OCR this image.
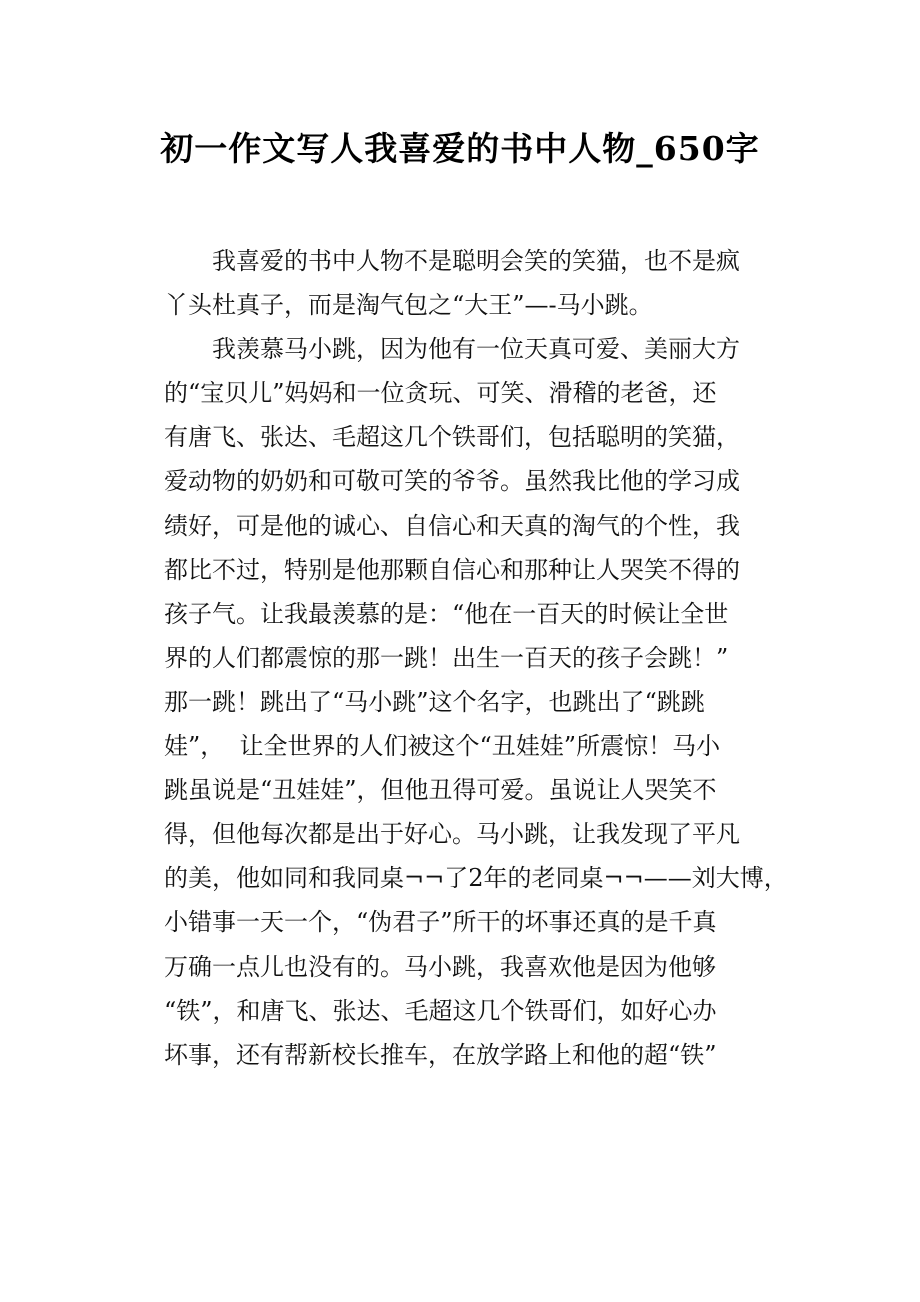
初一作文写人我喜爱的书中人物_650字
我喜爱的书中人物不是聪明会笑的笑猫，也不是疯
丫头杜真子，而是淘气包之“大王”—-马小跳。
我羡慕马小跳，因为他有一位天真可爱、美丽大方
的“宝贝儿”妈妈和一位贪玩、可笑、滑稽的老爸，还
有唐飞、张达、毛超这几个铁哥们，包括聪明的笑猫，
爱动物的奶奶和可敬可笑的爷爷。虽然我比他的学习成
绩好，可是他的诚心、自信心和天真的淘气的个性，我
都比不过，特别是他那颗自信心和那种让人哭笑不得的
孩子气。让我最羡慕的是：“他在一百天的时候让全世
界的人们都震惊的那一跳！出生一百天的孩子会跳！”
那一跳！跳出了“马小跳”这个名字，也跳出了“跳跳
娃”，  让全世界的人们被这个“丑娃娃”所震惊！马小
跳虽说是“丑娃娃”，但他丑得可爱。虽说让人哭笑不
得，但他每次都是出于好心。马小跳，让我发现了平凡
的美，他如同和我同桌¬¬了2年的老同桌¬¬——刘大博，
小错事一天一个，“伪君子”所干的坏事还真的是千真
万确一点儿也没有的。马小跳，我喜欢他是因为他够
“铁”，和唐飞、张达、毛超这几个铁哥们，如好心办
坏事，还有帮新校长推车，在放学路上和他的超“铁”
